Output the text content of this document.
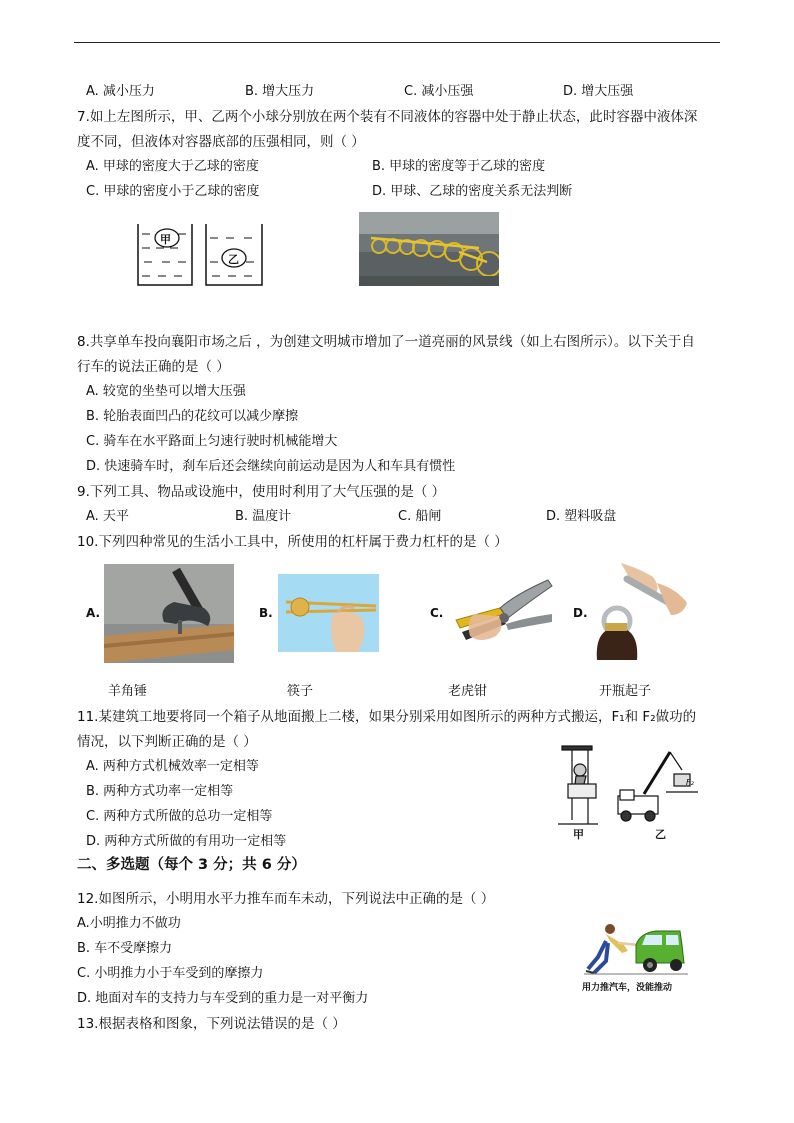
A. 减小压力	B. 增大压力	C. 减小压强	D. 增大压强
7.如上左图所示，甲、乙两个小球分别放在两个装有不同液体的容器中处于静止状态，此时容器中液体深
度不同，但液体对容器底部的压强相同，则（ ）
A. 甲球的密度大于乙球的密度	B. 甲球的密度等于乙球的密度
C. 甲球的密度小于乙球的密度	D. 甲球、乙球的密度关系无法判断
甲
乙
8.共享单车投向襄阳市场之后 ，为创建文明城市增加了一道亮丽的风景线（如上右图所示）。以下关于自
行车的说法正确的是（ ）
A. 较宽的坐垫可以增大压强
B. 轮胎表面凹凸的花纹可以减少摩擦
C. 骑车在水平路面上匀速行驶时机械能增大
D. 快速骑车时，刹车后还会继续向前运动是因为人和车具有惯性
9.下列工具、物品或设施中，使用时利用了大气压强的是（ ）
A. 天平	B. 温度计	C. 船闸	D. 塑料吸盘
10.下列四种常见的生活小工具中，所使用的杠杆属于费力杠杆的是（ ）
A.	B.	C.	D.
羊角锤	筷子	老虎钳	开瓶起子
11.某建筑工地要将同一个箱子从地面搬上二楼，如果分别采用如图所示的两种方式搬运，F₁和 F₂做功的
情况，以下判断正确的是（ ）
A. 两种方式机械效率一定相等
B. 两种方式功率一定相等
C. 两种方式所做的总功一定相等
D. 两种方式所做的有用功一定相等
F₂
甲	乙
二、多选题（每个 3 分；共 6 分）
12.如图所示，小明用水平力推车而车未动，下列说法中正确的是（ ）
A.小明推力不做功
B. 车不受摩擦力
C. 小明推力小于车受到的摩擦力
D. 地面对车的支持力与车受到的重力是一对平衡力
用力推汽车，没能推动
13.根据表格和图象，下列说法错误的是（ ）
